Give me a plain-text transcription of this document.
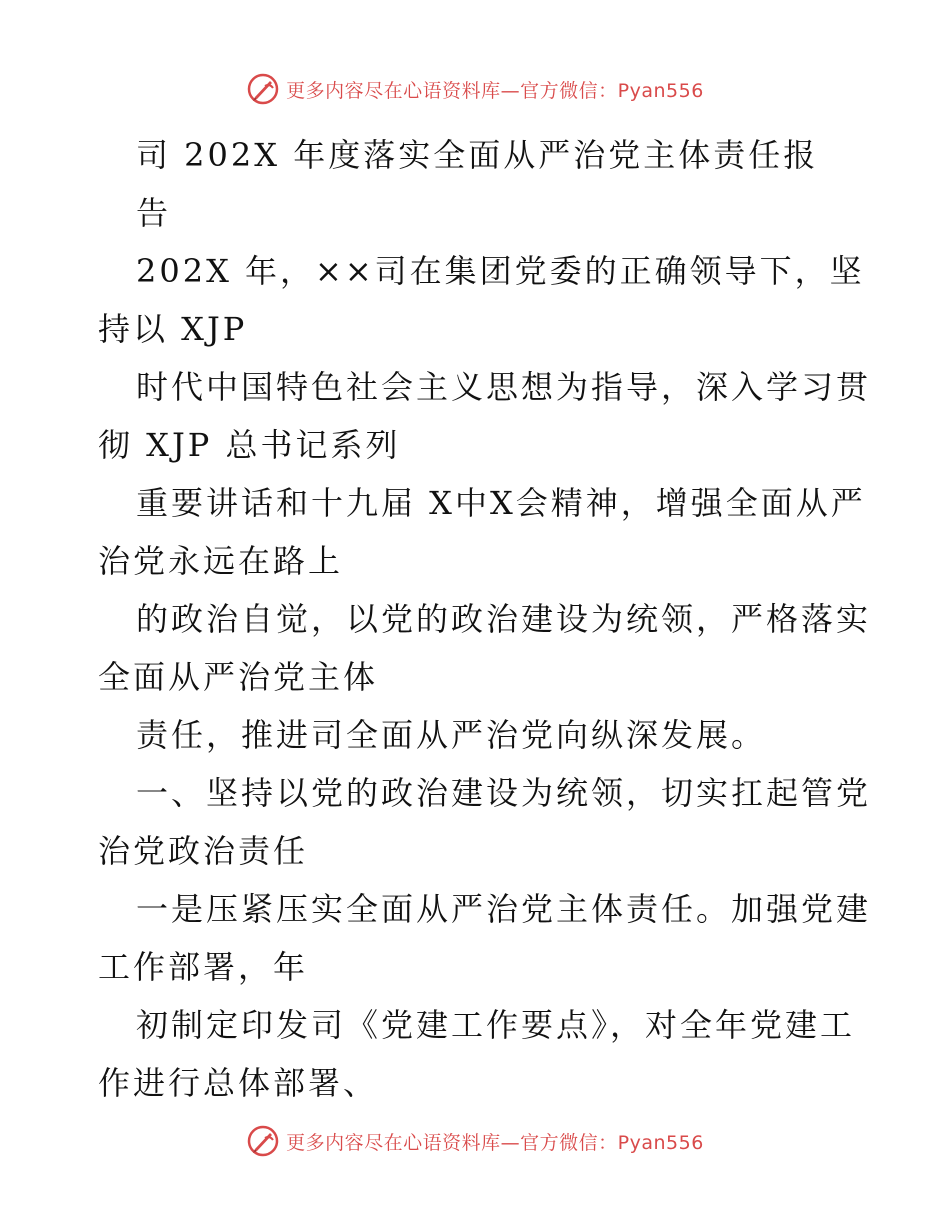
更多内容尽在心语资料库—官方微信：Pyan556

司 202X 年度落实全面从严治党主体责任报

告

202X 年，××司在集团党委的正确领导下，坚

持以 XJP

时代中国特色社会主义思想为指导，深入学习贯

彻 XJP 总书记系列

重要讲话和十九届 X中X会精神，增强全面从严

治党永远在路上

的政治自觉，以党的政治建设为统领，严格落实

全面从严治党主体

责任，推进司全面从严治党向纵深发展。

一、坚持以党的政治建设为统领，切实扛起管党

治党政治责任

一是压紧压实全面从严治党主体责任。加强党建

工作部署，年

初制定印发司《党建工作要点》，对全年党建工

作进行总体部署、

更多内容尽在心语资料库—官方微信：Pyan556
